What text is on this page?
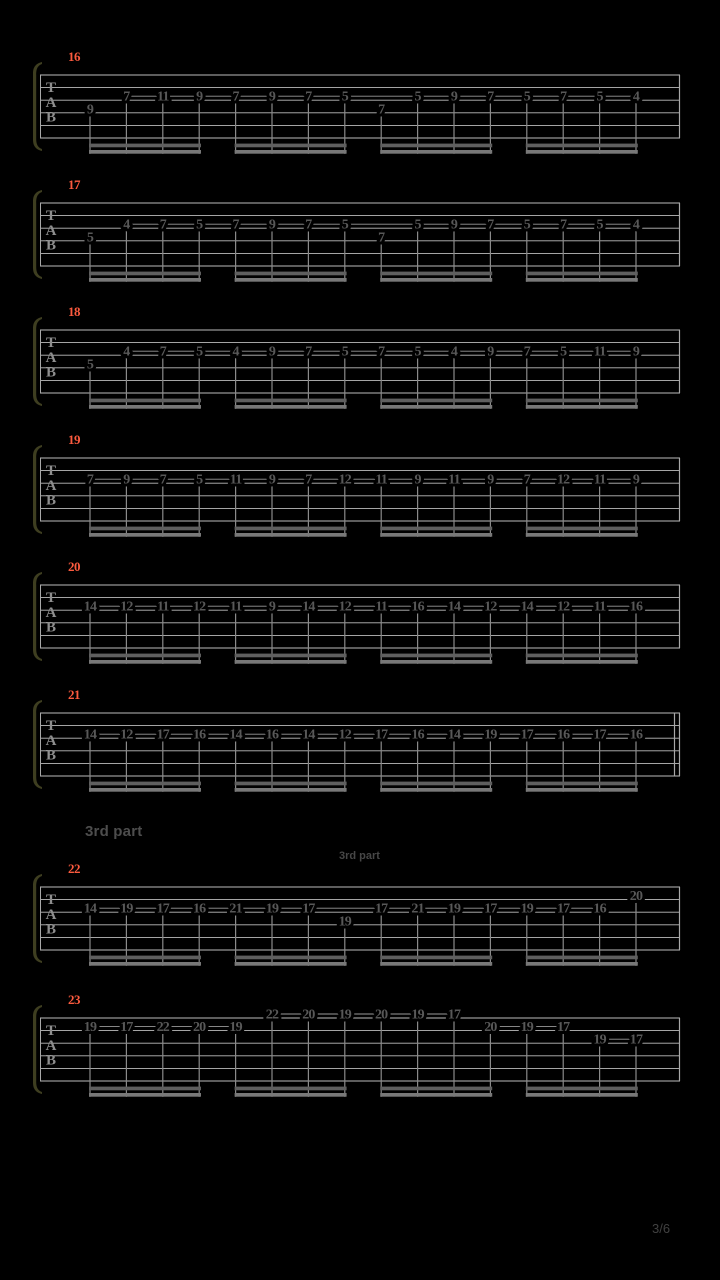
T
A
B
16
9
7 11 9 7 9 7 5
7
5 9 7 5 7 5 4
T
A
B
17
5
4 7 5 7 9 7 5
7
5 9 7 5 7 5 4
T
A
B
18
5
4 7 5 4 9 7 5 7 5 4 9 7 5 11 9
T
A
B
19
7 9 7 5 11 9 7 12 11 9 11 9 7 12 11 9
T
A
B
20
14 12 11 12 11 9 14 12 11 16 14 12 14 12 11 16
T
A
B
21
14 12 17 16 14 16 14 12 17 16 14 19 17 16 17 16
T
A
B
22
14 19 17 16 21 19 17
19
17 21 19 17 19 17 16
20
T
A
B
23
19 17 22 20 19
22 20 19 20 19 17
20 19 17
19 17
3rd part
3rd part
3/6
